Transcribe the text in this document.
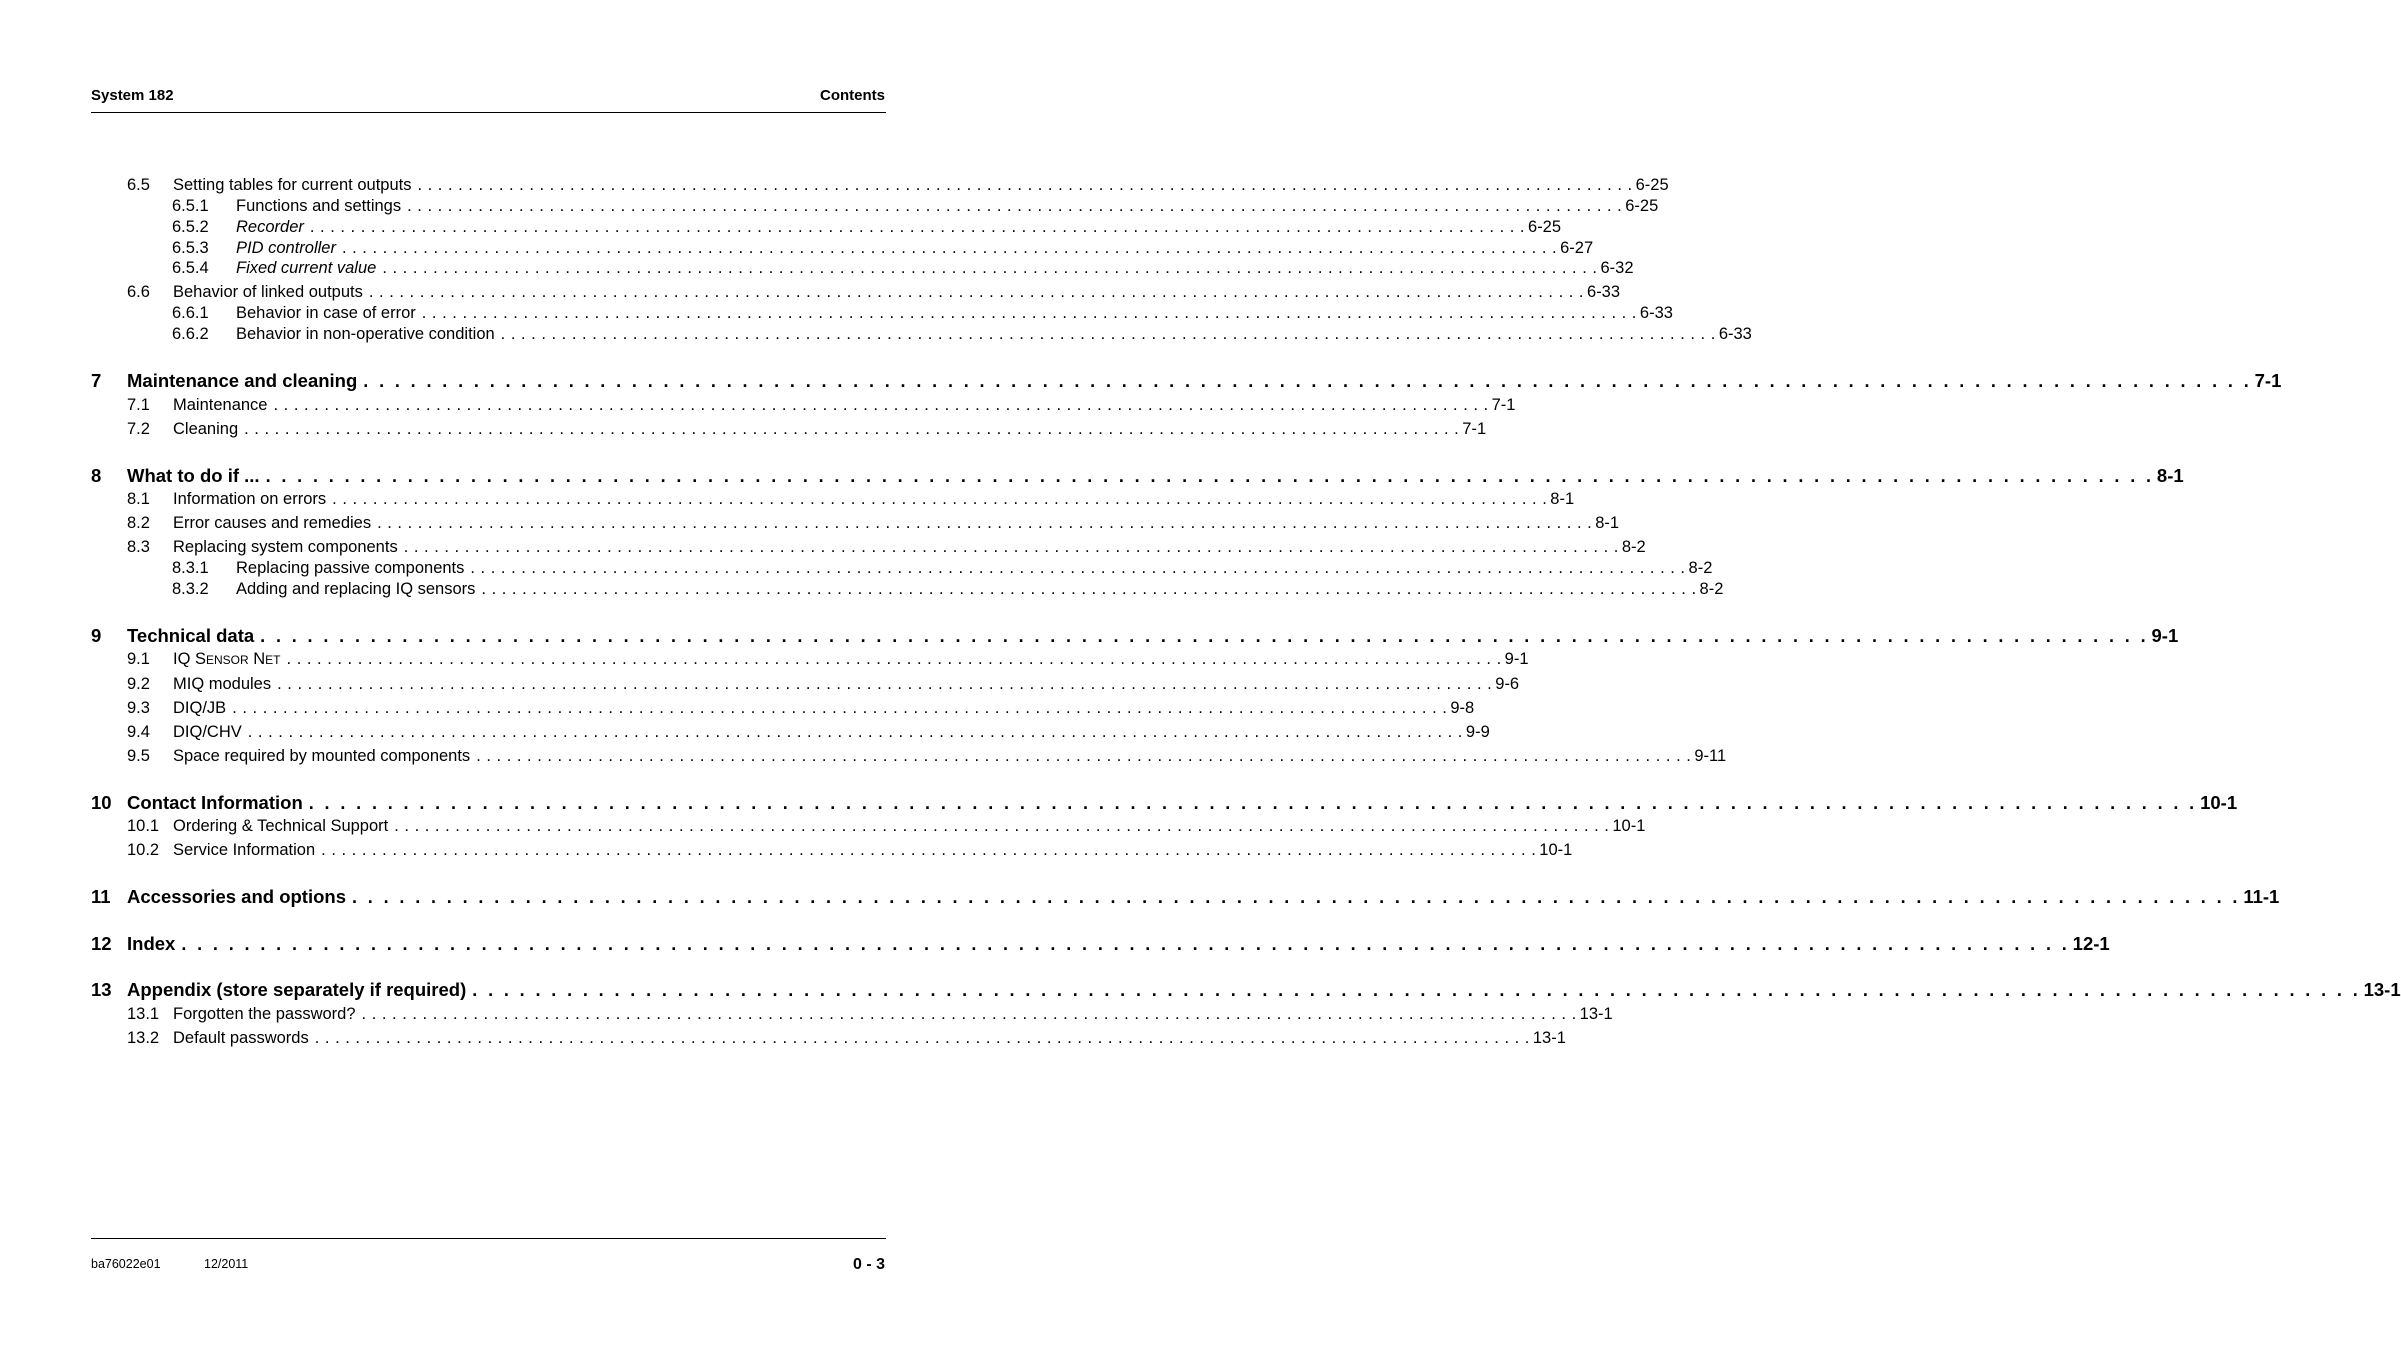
System 182	Contents
6.5	Setting tables for current outputs . . . . . . . . . . . . . . . . . . . . . . . . . . . . . . . . . . . . . . . . . . . . . . . . . . . . . . . . . . . . . . . . . . . . . . . . . . . . . . . . . . . . . . . . . . . . . . . . . . . . . . . . . . . . . . . . . . . . . . . . 6-25
6.5.1	Functions and settings . . . . . . . . . . . . . . . . . . . . . . . . . . . . . . . . . . . . . . . . . . . . . . . . . . . . . . . . . . . . . . . . . . . . . . . . . . . . . . . . . . . . . . . . . . . . . . . . . . . . . . . . . . . . . . . . . . . . . . . . 6-25
6.5.2	Recorder . . . . . . . . . . . . . . . . . . . . . . . . . . . . . . . . . . . . . . . . . . . . . . . . . . . . . . . . . . . . . . . . . . . . . . . . . . . . . . . . . . . . . . . . . . . . . . . . . . . . . . . . . . . . . . . . . . . . . . . . 6-25
6.5.3	PID controller . . . . . . . . . . . . . . . . . . . . . . . . . . . . . . . . . . . . . . . . . . . . . . . . . . . . . . . . . . . . . . . . . . . . . . . . . . . . . . . . . . . . . . . . . . . . . . . . . . . . . . . . . . . . . . . . . . . . . . . . 6-27
6.5.4	Fixed current value . . . . . . . . . . . . . . . . . . . . . . . . . . . . . . . . . . . . . . . . . . . . . . . . . . . . . . . . . . . . . . . . . . . . . . . . . . . . . . . . . . . . . . . . . . . . . . . . . . . . . . . . . . . . . . . . . . . . . . . . 6-32
6.6	Behavior of linked outputs . . . . . . . . . . . . . . . . . . . . . . . . . . . . . . . . . . . . . . . . . . . . . . . . . . . . . . . . . . . . . . . . . . . . . . . . . . . . . . . . . . . . . . . . . . . . . . . . . . . . . . . . . . . . . . . . . . . . . . . . 6-33
6.6.1	Behavior in case of error . . . . . . . . . . . . . . . . . . . . . . . . . . . . . . . . . . . . . . . . . . . . . . . . . . . . . . . . . . . . . . . . . . . . . . . . . . . . . . . . . . . . . . . . . . . . . . . . . . . . . . . . . . . . . . . . . . . . . . . . 6-33
6.6.2	Behavior in non-operative condition . . . . . . . . . . . . . . . . . . . . . . . . . . . . . . . . . . . . . . . . . . . . . . . . . . . . . . . . . . . . . . . . . . . . . . . . . . . . . . . . . . . . . . . . . . . . . . . . . . . . . . . . . . . . . . . . . . . . . . . . 6-33
7	Maintenance and cleaning . . . . . . . . . . . . . . . . . . . . . . . . . . . . . . . . . . . . . . . . . . . . . . . . . . . . . . . . . . . . . . . . . . . . . . . . . . . . . . . . . . . . . . . . . . . . . . . . . . . . . . . . . . . . . . . . . . . . . . . . 7-1
7.1	Maintenance . . . . . . . . . . . . . . . . . . . . . . . . . . . . . . . . . . . . . . . . . . . . . . . . . . . . . . . . . . . . . . . . . . . . . . . . . . . . . . . . . . . . . . . . . . . . . . . . . . . . . . . . . . . . . . . . . . . . . . . . 7-1
7.2	Cleaning . . . . . . . . . . . . . . . . . . . . . . . . . . . . . . . . . . . . . . . . . . . . . . . . . . . . . . . . . . . . . . . . . . . . . . . . . . . . . . . . . . . . . . . . . . . . . . . . . . . . . . . . . . . . . . . . . . . . . . . . 7-1
8	What to do if ... . . . . . . . . . . . . . . . . . . . . . . . . . . . . . . . . . . . . . . . . . . . . . . . . . . . . . . . . . . . . . . . . . . . . . . . . . . . . . . . . . . . . . . . . . . . . . . . . . . . . . . . . . . . . . . . . . . . . . . . . 8-1
8.1	Information on errors . . . . . . . . . . . . . . . . . . . . . . . . . . . . . . . . . . . . . . . . . . . . . . . . . . . . . . . . . . . . . . . . . . . . . . . . . . . . . . . . . . . . . . . . . . . . . . . . . . . . . . . . . . . . . . . . . . . . . . . . 8-1
8.2	Error causes and remedies . . . . . . . . . . . . . . . . . . . . . . . . . . . . . . . . . . . . . . . . . . . . . . . . . . . . . . . . . . . . . . . . . . . . . . . . . . . . . . . . . . . . . . . . . . . . . . . . . . . . . . . . . . . . . . . . . . . . . . . . 8-1
8.3	Replacing system components . . . . . . . . . . . . . . . . . . . . . . . . . . . . . . . . . . . . . . . . . . . . . . . . . . . . . . . . . . . . . . . . . . . . . . . . . . . . . . . . . . . . . . . . . . . . . . . . . . . . . . . . . . . . . . . . . . . . . . . . 8-2
8.3.1	Replacing passive components . . . . . . . . . . . . . . . . . . . . . . . . . . . . . . . . . . . . . . . . . . . . . . . . . . . . . . . . . . . . . . . . . . . . . . . . . . . . . . . . . . . . . . . . . . . . . . . . . . . . . . . . . . . . . . . . . . . . . . . . 8-2
8.3.2	Adding and replacing IQ sensors . . . . . . . . . . . . . . . . . . . . . . . . . . . . . . . . . . . . . . . . . . . . . . . . . . . . . . . . . . . . . . . . . . . . . . . . . . . . . . . . . . . . . . . . . . . . . . . . . . . . . . . . . . . . . . . . . . . . . . . . 8-2
9	Technical data . . . . . . . . . . . . . . . . . . . . . . . . . . . . . . . . . . . . . . . . . . . . . . . . . . . . . . . . . . . . . . . . . . . . . . . . . . . . . . . . . . . . . . . . . . . . . . . . . . . . . . . . . . . . . . . . . . . . . . . . 9-1
9.1	IQ Sensor Net . . . . . . . . . . . . . . . . . . . . . . . . . . . . . . . . . . . . . . . . . . . . . . . . . . . . . . . . . . . . . . . . . . . . . . . . . . . . . . . . . . . . . . . . . . . . . . . . . . . . . . . . . . . . . . . . . . . . . . . . 9-1
9.2	MIQ modules . . . . . . . . . . . . . . . . . . . . . . . . . . . . . . . . . . . . . . . . . . . . . . . . . . . . . . . . . . . . . . . . . . . . . . . . . . . . . . . . . . . . . . . . . . . . . . . . . . . . . . . . . . . . . . . . . . . . . . . . 9-6
9.3	DIQ/JB . . . . . . . . . . . . . . . . . . . . . . . . . . . . . . . . . . . . . . . . . . . . . . . . . . . . . . . . . . . . . . . . . . . . . . . . . . . . . . . . . . . . . . . . . . . . . . . . . . . . . . . . . . . . . . . . . . . . . . . . 9-8
9.4	DIQ/CHV . . . . . . . . . . . . . . . . . . . . . . . . . . . . . . . . . . . . . . . . . . . . . . . . . . . . . . . . . . . . . . . . . . . . . . . . . . . . . . . . . . . . . . . . . . . . . . . . . . . . . . . . . . . . . . . . . . . . . . . . 9-9
9.5	Space required by mounted components . . . . . . . . . . . . . . . . . . . . . . . . . . . . . . . . . . . . . . . . . . . . . . . . . . . . . . . . . . . . . . . . . . . . . . . . . . . . . . . . . . . . . . . . . . . . . . . . . . . . . . . . . . . . . . . . . . . . . . . . 9-11
10 Contact Information . . . . . . . . . . . . . . . . . . . . . . . . . . . . . . . . . . . . . . . . . . . . . . . . . . . . . . . . . . . . . . . . . . . . . . . . . . . . . . . . . . . . . . . . . . . . . . . . . . . . . . . . . . . . . . . . . . . . . . . . 10-1
10.1 Ordering & Technical Support . . . . . . . . . . . . . . . . . . . . . . . . . . . . . . . . . . . . . . . . . . . . . . . . . . . . . . . . . . . . . . . . . . . . . . . . . . . . . . . . . . . . . . . . . . . . . . . . . . . . . . . . . . . . . . . . . . . . . . . . 10-1
10.2 Service Information . . . . . . . . . . . . . . . . . . . . . . . . . . . . . . . . . . . . . . . . . . . . . . . . . . . . . . . . . . . . . . . . . . . . . . . . . . . . . . . . . . . . . . . . . . . . . . . . . . . . . . . . . . . . . . . . . . . . . . . . 10-1
11 Accessories and options . . . . . . . . . . . . . . . . . . . . . . . . . . . . . . . . . . . . . . . . . . . . . . . . . . . . . . . . . . . . . . . . . . . . . . . . . . . . . . . . . . . . . . . . . . . . . . . . . . . . . . . . . . . . . . . . . . . . . . . . 11-1
12 Index . . . . . . . . . . . . . . . . . . . . . . . . . . . . . . . . . . . . . . . . . . . . . . . . . . . . . . . . . . . . . . . . . . . . . . . . . . . . . . . . . . . . . . . . . . . . . . . . . . . . . . . . . . . . . . . . . . . . . . . . 12-1
13 Appendix (store separately if required) . . . . . . . . . . . . . . . . . . . . . . . . . . . . . . . . . . . . . . . . . . . . . . . . . . . . . . . . . . . . . . . . . . . . . . . . . . . . . . . . . . . . . . . . . . . . . . . . . . . . . . . . . . . . . . . . . . . . . . . . 13-1
13.1 Forgotten the password? . . . . . . . . . . . . . . . . . . . . . . . . . . . . . . . . . . . . . . . . . . . . . . . . . . . . . . . . . . . . . . . . . . . . . . . . . . . . . . . . . . . . . . . . . . . . . . . . . . . . . . . . . . . . . . . . . . . . . . . . 13-1
13.2 Default passwords . . . . . . . . . . . . . . . . . . . . . . . . . . . . . . . . . . . . . . . . . . . . . . . . . . . . . . . . . . . . . . . . . . . . . . . . . . . . . . . . . . . . . . . . . . . . . . . . . . . . . . . . . . . . . . . . . . . . . . . . 13-1
ba76022e01	12/2011	0 - 3
